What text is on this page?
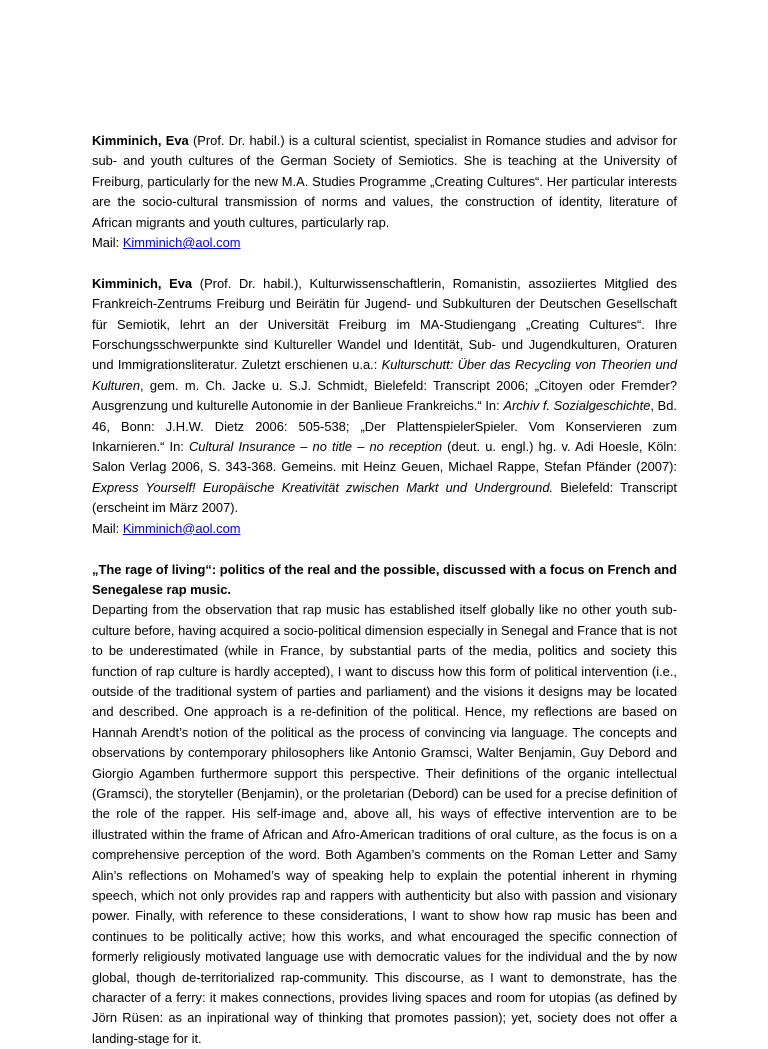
Kimminich, Eva (Prof. Dr. habil.) is a cultural scientist, specialist in Romance studies and advisor for sub- and youth cultures of the German Society of Semiotics. She is teaching at the University of Freiburg, particularly for the new M.A. Studies Programme „Creating Cultures“. Her particular interests are the socio-cultural transmission of norms and values, the construction of identity, literature of African migrants and youth cultures, particularly rap.
Mail: Kimminich@aol.com

Kimminich, Eva (Prof. Dr. habil.), Kulturwissenschaftlerin, Romanistin, assoziiertes Mitglied des Frankreich-Zentrums Freiburg und Beirätin für Jugend- und Subkulturen der Deutschen Gesellschaft für Semiotik, lehrt an der Universität Freiburg im MA-Studiengang „Creating Cultures“. Ihre Forschungsschwerpunkte sind Kultureller Wandel und Identität, Sub- und Jugendkulturen, Oraturen und Immigrationsliteratur. Zuletzt erschienen u.a.: Kulturschutt: Über das Recycling von Theorien und Kulturen, gem. m. Ch. Jacke u. S.J. Schmidt, Bielefeld: Transcript 2006; „Citoyen oder Fremder? Ausgrenzung und kulturelle Autonomie in der Banlieue Frankreichs.“ In: Archiv f. Sozialgeschichte, Bd. 46, Bonn: J.H.W. Dietz 2006: 505-538; „Der PlattenspielerSpieler. Vom Konservieren zum Inkarnieren.“ In: Cultural Insurance – no title – no reception (deut. u. engl.) hg. v. Adi Hoesle, Köln: Salon Verlag 2006, S. 343-368. Gemeins. mit Heinz Geuen, Michael Rappe, Stefan Pfänder (2007): Express Yourself! Europäische Kreativität zwischen Markt und Underground. Bielefeld: Transcript (erscheint im März 2007).
Mail: Kimminich@aol.com

„The rage of living“: politics of the real and the possible, discussed with a focus on French and Senegalese rap music.

Departing from the observation that rap music has established itself globally like no other youth sub-culture before, having acquired a socio-political dimension especially in Senegal and France that is not to be underestimated (while in France, by substantial parts of the media, politics and society this function of rap culture is hardly accepted), I want to discuss how this form of political intervention (i.e., outside of the traditional system of parties and parliament) and the visions it designs may be located and described. One approach is a re-definition of the political. Hence, my reflections are based on Hannah Arendt’s notion of the political as the process of convincing via language. The concepts and observations by contemporary philosophers like Antonio Gramsci, Walter Benjamin, Guy Debord and Giorgio Agamben furthermore support this perspective. Their definitions of the organic intellectual (Gramsci), the storyteller (Benjamin), or the proletarian (Debord) can be used for a precise definition of the role of the rapper. His self-image and, above all, his ways of effective intervention are to be illustrated within the frame of African and Afro-American traditions of oral culture, as the focus is on a comprehensive perception of the word. Both Agamben’s comments on the Roman Letter and Samy Alin’s reflections on Mohamed’s way of speaking help to explain the potential inherent in rhyming speech, which not only provides rap and rappers with authenticity but also with passion and visionary power. Finally, with reference to these considerations, I want to show how rap music has been and continues to be politically active; how this works, and what encouraged the specific connection of formerly religiously motivated language use with democratic values for the individual and the by now global, though de-territorialized rap-community. This discourse, as I want to demonstrate, has the character of a ferry: it makes connections, provides living spaces and room for utopias (as defined by Jörn Rüsen: as an inpirational way of thinking that promotes passion); yet, society does not offer a landing-stage for it.
